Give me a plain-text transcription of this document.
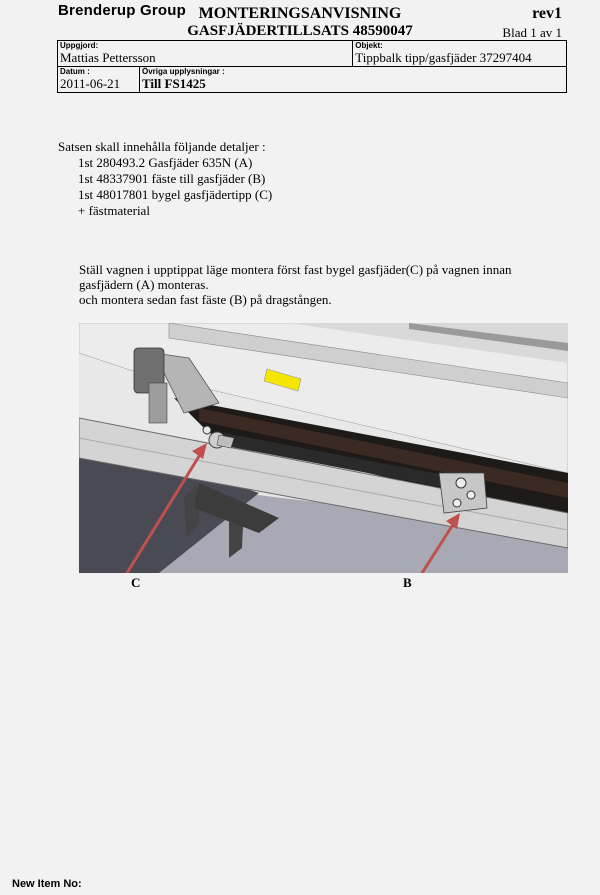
Brenderup Group MONTERINGSANVISNING
GASFJÄDERTILLSATS 48590047
rev1
Blad 1 av 1
Uppgjord:
Mattias Pettersson		Objekt:
Tippbalk tipp/gasfjäder 37297404

Datum :
2011-06-21	Övriga upplysningar :
Till FS1425	
Satsen skall innehålla följande detaljer :
1st 280493.2 Gasfjäder 635N (A)
1st 48337901 fäste till gasfjäder (B)
1st 48017801 bygel gasfjädertipp (C)
+ fästmaterial
Ställ vagnen i upptippat läge montera först fast bygel gasfjäder(C) på vagnen innan gasfjädern (A) monteras.
och montera sedan fast fäste (B) på dragstången.
C	B
New Item No:
